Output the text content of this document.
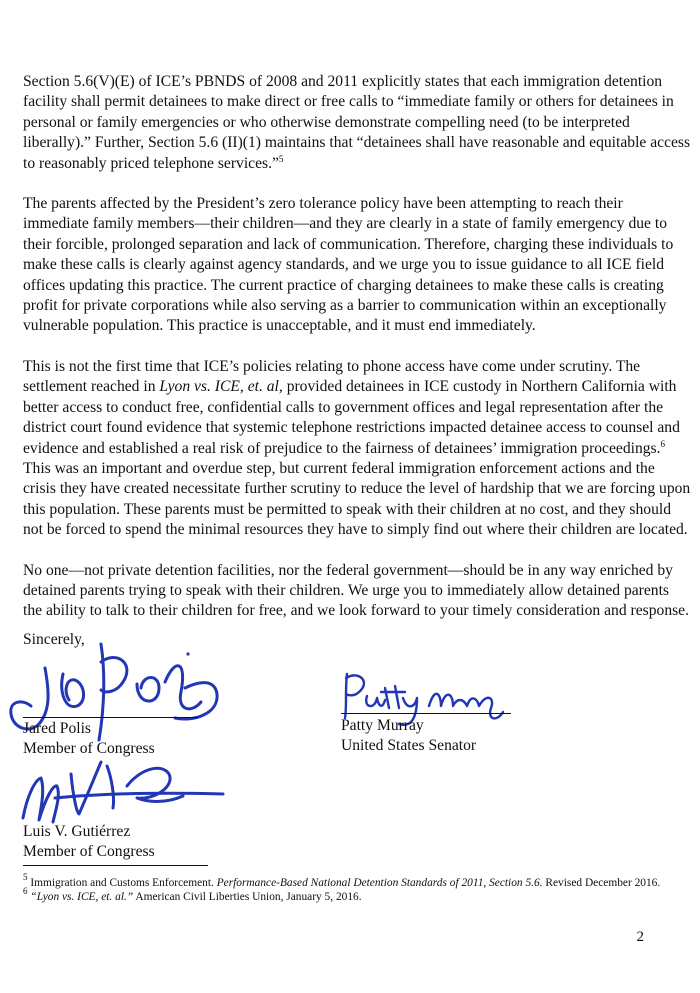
Section 5.6(V)(E) of ICE’s PBNDS of 2008 and 2011 explicitly states that each immigration detention facility shall permit detainees to make direct or free calls to “immediate family or others for detainees in personal or family emergencies or who otherwise demonstrate compelling need (to be interpreted liberally).” Further, Section 5.6 (II)(1) maintains that “detainees shall have reasonable and equitable access to reasonably priced telephone services.”$^5$

The parents affected by the President’s zero tolerance policy have been attempting to reach their immediate family members—their children—and they are clearly in a state of family emergency due to their forcible, prolonged separation and lack of communication. Therefore, charging these individuals to make these calls is clearly against agency standards, and we urge you to issue guidance to all ICE field offices updating this practice. The current practice of charging detainees to make these calls is creating profit for private corporations while also serving as a barrier to communication within an exceptionally vulnerable population. This practice is unacceptable, and it must end immediately.

This is not the first time that ICE’s policies relating to phone access have come under scrutiny. The settlement reached in Lyon vs. ICE, et. al, provided detainees in ICE custody in Northern California with better access to conduct free, confidential calls to government offices and legal representation after the district court found evidence that systemic telephone restrictions impacted detainee access to counsel and evidence and established a real risk of prejudice to the fairness of detainees’ immigration proceedings.$^6$ This was an important and overdue step, but current federal immigration enforcement actions and the crisis they have created necessitate further scrutiny to reduce the level of hardship that we are forcing upon this population. These parents must be permitted to speak with their children at no cost, and they should not be forced to spend the minimal resources they have to simply find out where their children are located.

No one—not private detention facilities, nor the federal government—should be in any way enriched by detained parents trying to speak with their children. We urge you to immediately allow detained parents the ability to talk to their children for free, and we look forward to your timely consideration and response.

Sincerely,
Jared Polis
Member of Congress
Patty Murray
United States Senator
Luis V. Gutiérrez
Member of Congress
$^5$ Immigration and Customs Enforcement. Performance-Based National Detention Standards of 2011, Section 5.6. Revised December 2016.
$^6$ “Lyon vs. ICE, et. al.” American Civil Liberties Union, January 5, 2016.
2
